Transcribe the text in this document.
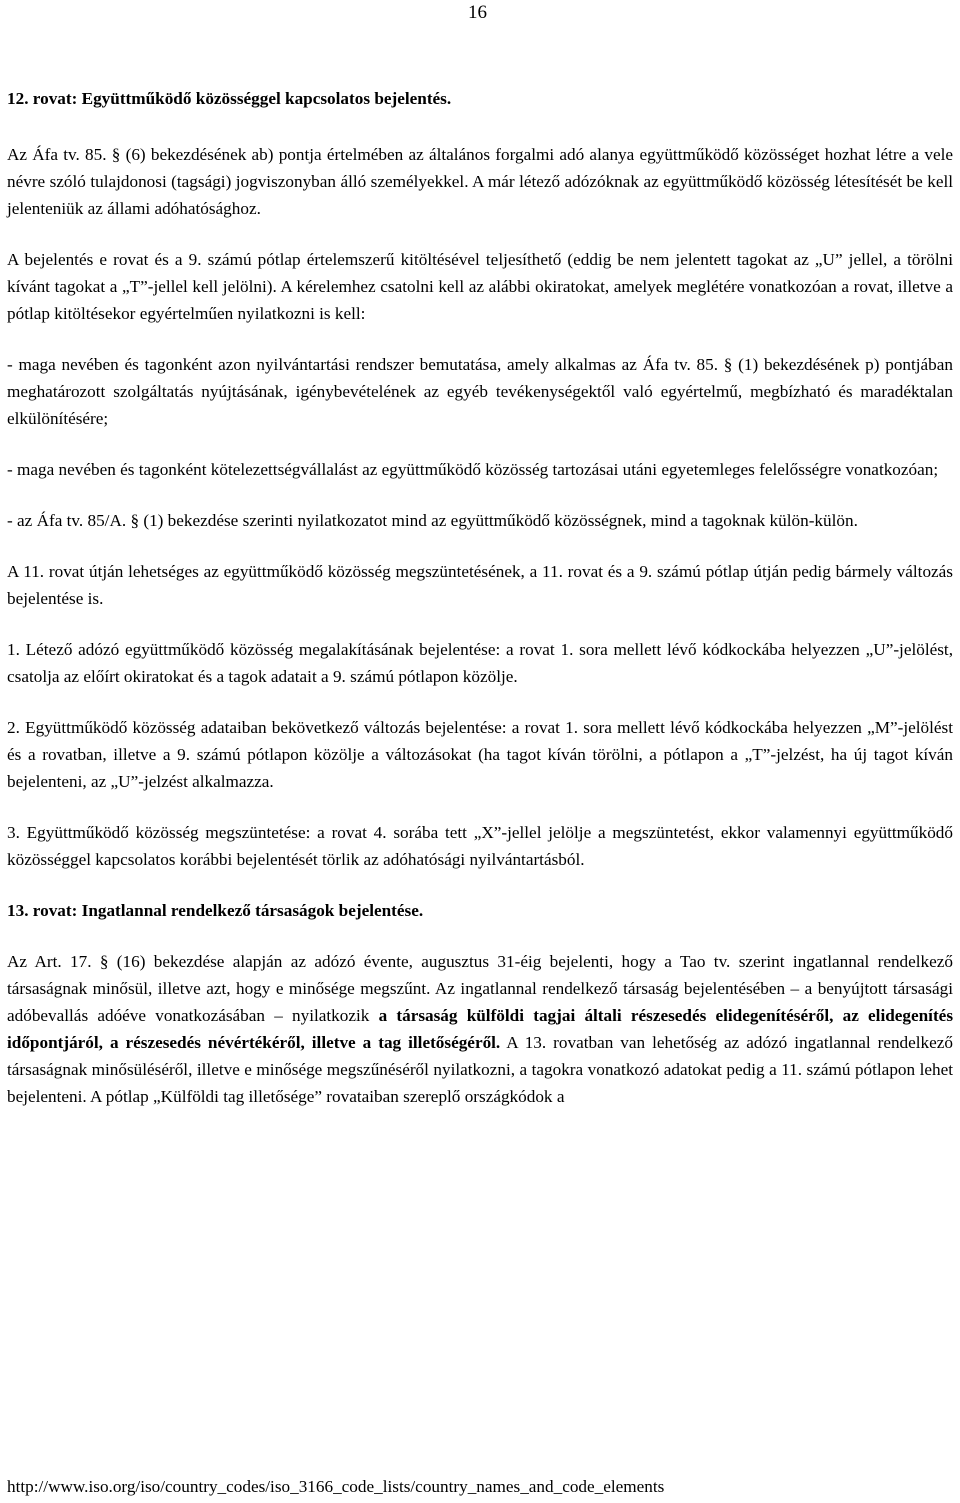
16
12. rovat: Együttműködő közösséggel kapcsolatos bejelentés.

Az Áfa tv. 85. § (6) bekezdésének ab) pontja értelmében az általános forgalmi adó alanya együttműködő közösséget hozhat létre a vele névre szóló tulajdonosi (tagsági) jogviszonyban álló személyekkel. A már létező adózóknak az együttműködő közösség létesítését be kell jelenteniük az állami adóhatósághoz.

A bejelentés e rovat és a 9. számú pótlap értelemszerű kitöltésével teljesíthető (eddig be nem jelentett tagokat az „U” jellel, a törölni kívánt tagokat a „T”-jellel kell jelölni). A kérelemhez csatolni kell az alábbi okiratokat, amelyek meglétére vonatkozóan a rovat, illetve a pótlap kitöltésekor egyértelműen nyilatkozni is kell:

- maga nevében és tagonként azon nyilvántartási rendszer bemutatása, amely alkalmas az Áfa tv. 85. § (1) bekezdésének p) pontjában meghatározott szolgáltatás nyújtásának, igénybevételének az egyéb tevékenységektől való egyértelmű, megbízható és maradéktalan elkülönítésére;

- maga nevében és tagonként kötelezettségvállalást az együttműködő közösség tartozásai utáni egyetemleges felelősségre vonatkozóan;

- az Áfa tv. 85/A. § (1) bekezdése szerinti nyilatkozatot mind az együttműködő közösségnek, mind a tagoknak külön-külön.

A 11. rovat útján lehetséges az együttműködő közösség megszüntetésének, a 11. rovat és a 9. számú pótlap útján pedig bármely változás bejelentése is.

1. Létező adózó együttműködő közösség megalakításának bejelentése: a rovat 1. sora mellett lévő kódkockába helyezzen „U”-jelölést, csatolja az előírt okiratokat és a tagok adatait a 9. számú pótlapon közölje.

2. Együttműködő közösség adataiban bekövetkező változás bejelentése: a rovat 1. sora mellett lévő kódkockába helyezzen „M”-jelölést és a rovatban, illetve a 9. számú pótlapon közölje a változásokat (ha tagot kíván törölni, a pótlapon a „T”-jelzést, ha új tagot kíván bejelenteni, az „U”-jelzést alkalmazza.

3. Együttműködő közösség megszüntetése: a rovat 4. sorába tett „X”-jellel jelölje a megszüntetést, ekkor valamennyi együttműködő közösséggel kapcsolatos korábbi bejelentését törlik az adóhatósági nyilvántartásból.

13. rovat: Ingatlannal rendelkező társaságok bejelentése.

Az Art. 17. § (16) bekezdése alapján az adózó évente, augusztus 31-éig bejelenti, hogy a Tao tv. szerint ingatlannal rendelkező társaságnak minősül, illetve azt, hogy e minősége megszűnt. Az ingatlannal rendelkező társaság bejelentésében – a benyújtott társasági adóbevallás adóéve vonatkozásában – nyilatkozik a társaság külföldi tagjai általi részesedés elidegenítéséről, az elidegenítés időpontjáról, a részesedés névértékéről, illetve a tag illetőségéről. A 13. rovatban van lehetőség az adózó ingatlannal rendelkező társaságnak minősüléséről, illetve e minősége megszűnéséről nyilatkozni, a tagokra vonatkozó adatokat pedig a 11. számú pótlapon lehet bejelenteni. A pótlap „Külföldi tag illetősége” rovataiban szereplő országkódok a

http://www.iso.org/iso/country_codes/iso_3166_code_lists/country_names_and_code_elements
